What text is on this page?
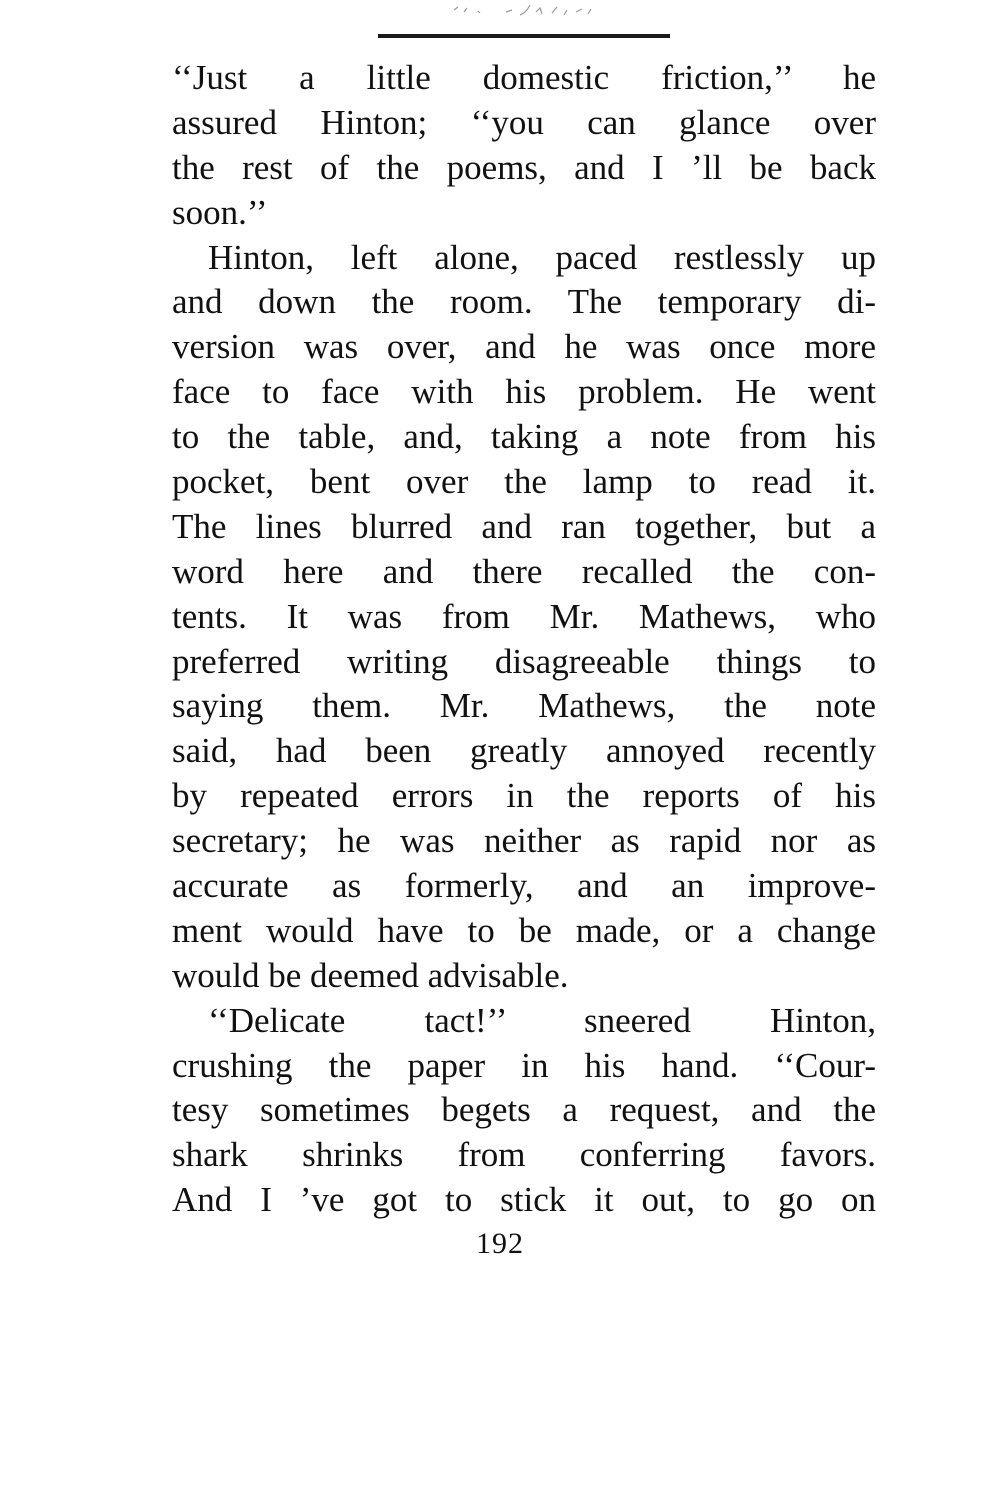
‘‘Just a little domestic friction,’’ he
assured Hinton; ‘‘you can glance over
the rest of the poems, and I ’ll be back
soon.’’
Hinton, left alone, paced restlessly up
and down the room. The temporary di-
version was over, and he was once more
face to face with his problem. He went
to the table, and, taking a note from his
pocket, bent over the lamp to read it.
The lines blurred and ran together, but a
word here and there recalled the con-
tents. It was from Mr. Mathews, who
preferred writing disagreeable things to
saying them. Mr. Mathews, the note
said, had been greatly annoyed recently
by repeated errors in the reports of his
secretary; he was neither as rapid nor as
accurate as formerly, and an improve-
ment would have to be made, or a change
would be deemed advisable.
‘‘Delicate tact!’’ sneered Hinton,
crushing the paper in his hand. ‘‘Cour-
tesy sometimes begets a request, and the
shark shrinks from conferring favors.
And I ’ve got to stick it out, to go on
192
